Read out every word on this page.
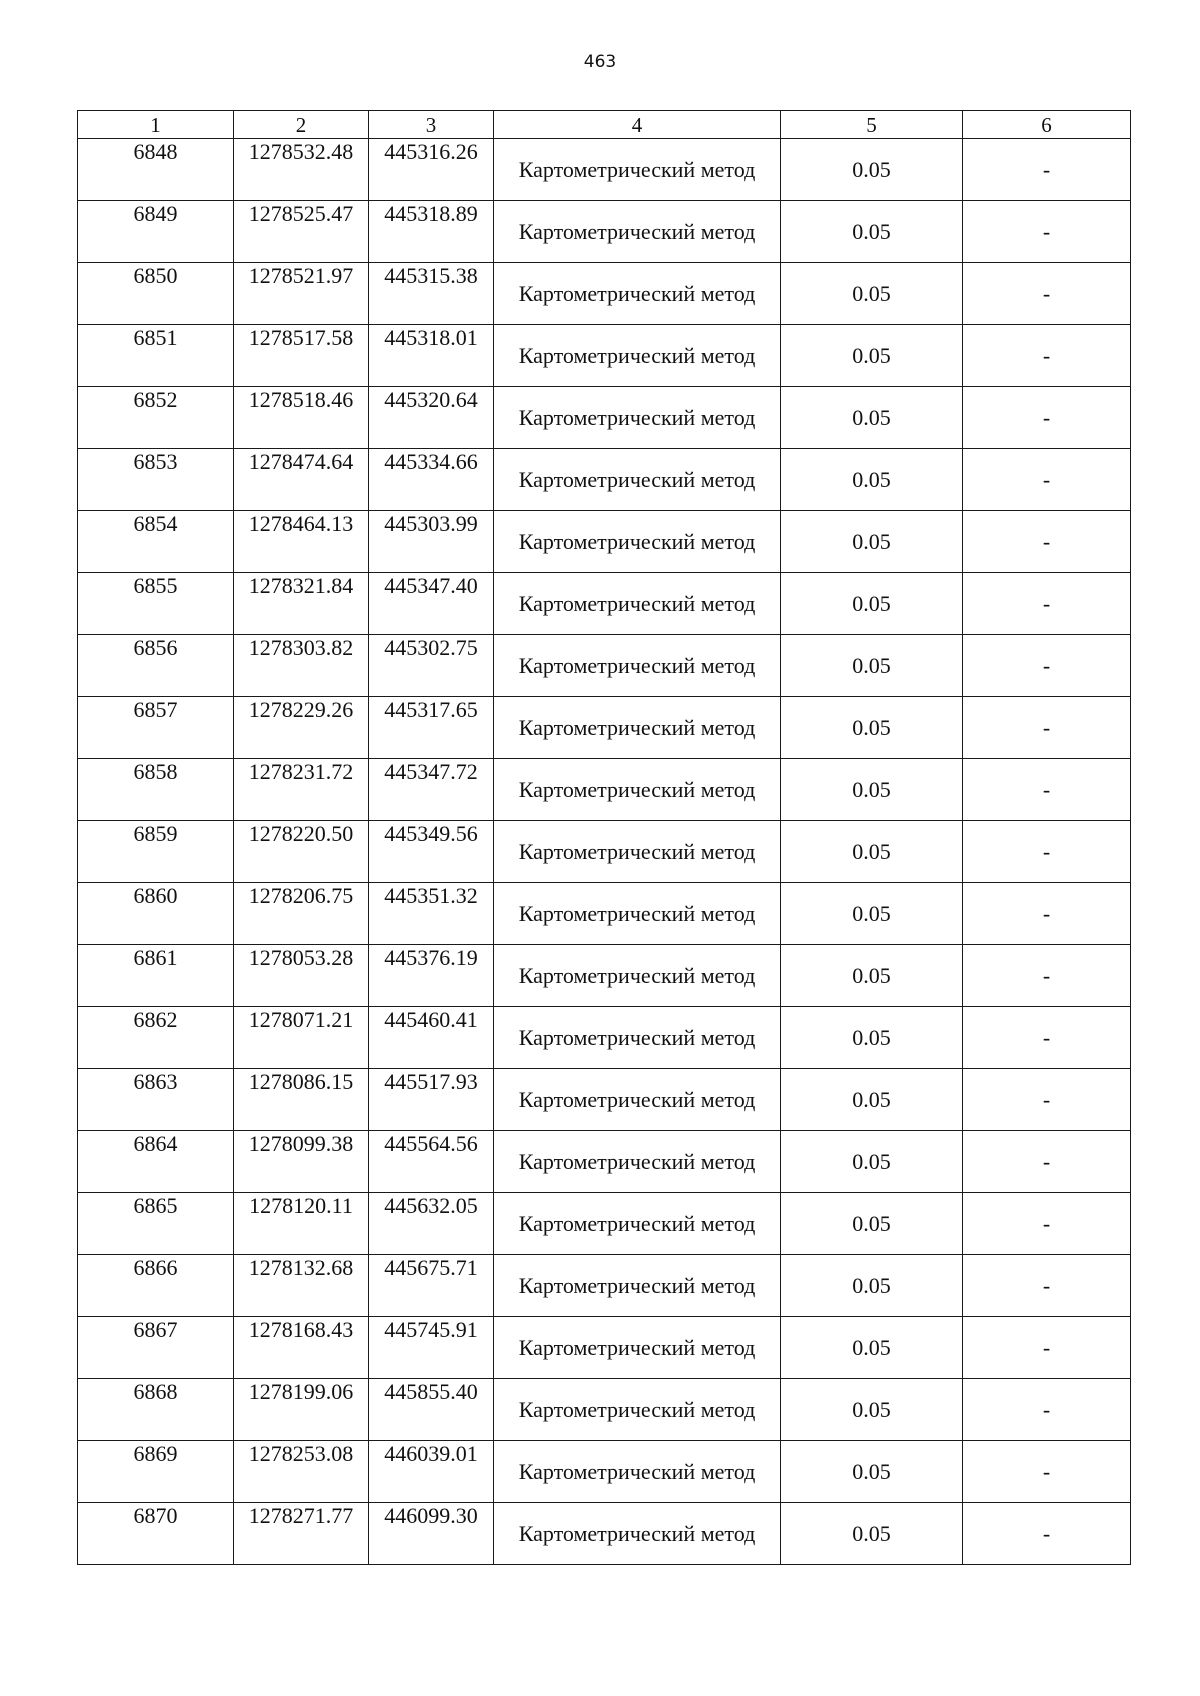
463
1	2	3	4	5	6
6848	1278532.48	445316.26	Картометрический метод	0.05	-
6849	1278525.47	445318.89	Картометрический метод	0.05	-
6850	1278521.97	445315.38	Картометрический метод	0.05	-
6851	1278517.58	445318.01	Картометрический метод	0.05	-
6852	1278518.46	445320.64	Картометрический метод	0.05	-
6853	1278474.64	445334.66	Картометрический метод	0.05	-
6854	1278464.13	445303.99	Картометрический метод	0.05	-
6855	1278321.84	445347.40	Картометрический метод	0.05	-
6856	1278303.82	445302.75	Картометрический метод	0.05	-
6857	1278229.26	445317.65	Картометрический метод	0.05	-
6858	1278231.72	445347.72	Картометрический метод	0.05	-
6859	1278220.50	445349.56	Картометрический метод	0.05	-
6860	1278206.75	445351.32	Картометрический метод	0.05	-
6861	1278053.28	445376.19	Картометрический метод	0.05	-
6862	1278071.21	445460.41	Картометрический метод	0.05	-
6863	1278086.15	445517.93	Картометрический метод	0.05	-
6864	1278099.38	445564.56	Картометрический метод	0.05	-
6865	1278120.11	445632.05	Картометрический метод	0.05	-
6866	1278132.68	445675.71	Картометрический метод	0.05	-
6867	1278168.43	445745.91	Картометрический метод	0.05	-
6868	1278199.06	445855.40	Картометрический метод	0.05	-
6869	1278253.08	446039.01	Картометрический метод	0.05	-
6870	1278271.77	446099.30	Картометрический метод	0.05	-
